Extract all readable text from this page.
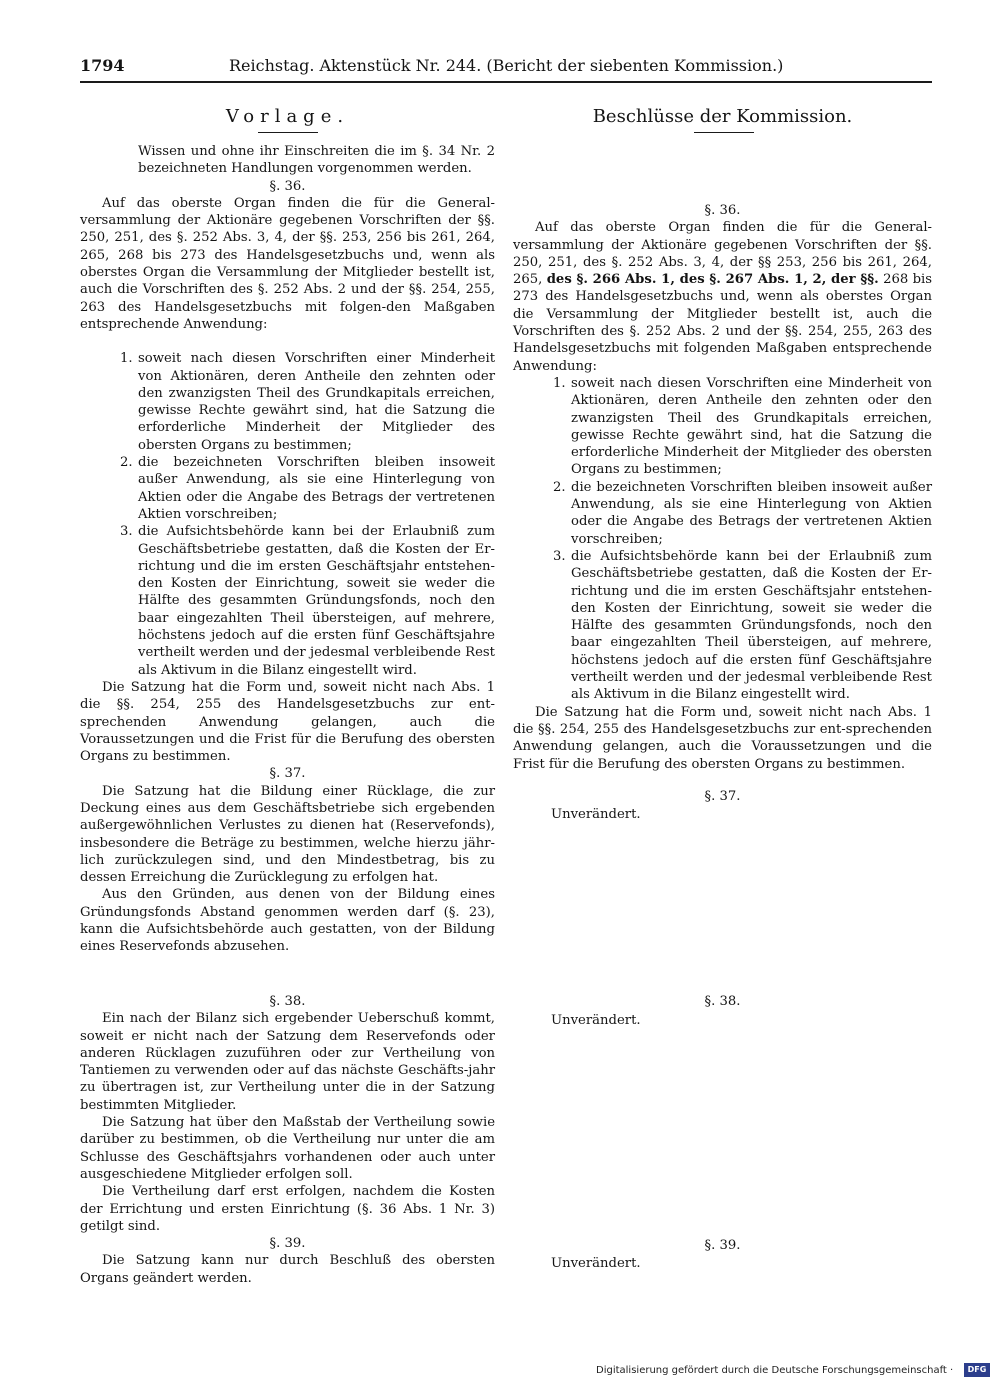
1794	Reichstag. Aktenstück Nr. 244. (Bericht der siebenten Kommission.)
Vorlage.	Beschlüsse der Kommission.

Wissen und ohne ihr Einschreiten die im §. 34 Nr. 2 bezeichneten Handlungen vorgenommen werden.

§. 36.

Auf das oberste Organ finden die für die General-versammlung der Aktionäre gegebenen Vorschriften der §§. 250, 251, des §. 252 Abs. 3, 4, der §§. 253, 256 bis 261, 264, 265, 268 bis 273 des Handelsgesetzbuchs und, wenn als oberstes Organ die Versammlung der Mitglieder bestellt ist, auch die Vorschriften des §. 252 Abs. 2 und der §§. 254, 255, 263 des Handelsgesetzbuchs mit folgen-den Maßgaben entsprechende Anwendung:

1. soweit nach diesen Vorschriften einer Minderheit von Aktionären, deren Antheile den zehnten oder den zwanzigsten Theil des Grundkapitals erreichen, gewisse Rechte gewährt sind, hat die Satzung die erforderliche Minderheit der Mitglieder des obersten Organs zu bestimmen;
2. die bezeichneten Vorschriften bleiben insoweit außer Anwendung, als sie eine Hinterlegung von Aktien oder die Angabe des Betrags der vertretenen Aktien vorschreiben;
3. die Aufsichtsbehörde kann bei der Erlaubniß zum Geschäftsbetriebe gestatten, daß die Kosten der Er-richtung und die im ersten Geschäftsjahr entstehen-den Kosten der Einrichtung, soweit sie weder die Hälfte des gesammten Gründungsfonds, noch den baar eingezahlten Theil übersteigen, auf mehrere, höchstens jedoch auf die ersten fünf Geschäftsjahre vertheilt werden und der jedesmal verbleibende Rest als Aktivum in die Bilanz eingestellt wird.

Die Satzung hat die Form und, soweit nicht nach Abs. 1 die §§. 254, 255 des Handelsgesetzbuchs zur ent-sprechenden Anwendung gelangen, auch die Voraussetzungen und die Frist für die Berufung des obersten Organs zu bestimmen.

§. 37.

Die Satzung hat die Bildung einer Rücklage, die zur Deckung eines aus dem Geschäftsbetriebe sich ergebenden außergewöhnlichen Verlustes zu dienen hat (Reservefonds), insbesondere die Beträge zu bestimmen, welche hierzu jähr-lich zurückzulegen sind, und den Mindestbetrag, bis zu dessen Erreichung die Zurücklegung zu erfolgen hat.

Aus den Gründen, aus denen von der Bildung eines Gründungsfonds Abstand genommen werden darf (§. 23), kann die Aufsichtsbehörde auch gestatten, von der Bildung eines Reservefonds abzusehen.

§. 38.

Ein nach der Bilanz sich ergebender Ueberschuß kommt, soweit er nicht nach der Satzung dem Reservefonds oder anderen Rücklagen zuzuführen oder zur Vertheilung von Tantiemen zu verwenden oder auf das nächste Geschäfts-jahr zu übertragen ist, zur Vertheilung unter die in der Satzung bestimmten Mitglieder.

Die Satzung hat über den Maßstab der Vertheilung sowie darüber zu bestimmen, ob die Vertheilung nur unter die am Schlusse des Geschäftsjahrs vorhandenen oder auch unter ausgeschiedene Mitglieder erfolgen soll.

Die Vertheilung darf erst erfolgen, nachdem die Kosten der Errichtung und ersten Einrichtung (§. 36 Abs. 1 Nr. 3) getilgt sind.

§. 39.

Die Satzung kann nur durch Beschluß des obersten Organs geändert werden.

§. 36.

Auf das oberste Organ finden die für die General-versammlung der Aktionäre gegebenen Vorschriften der §§. 250, 251, des §. 252 Abs. 3, 4, der §§ 253, 256 bis 261, 264, 265, des §. 266 Abs. 1, des §. 267 Abs. 1, 2, der §§. 268 bis 273 des Handelsgesetzbuchs und, wenn als oberstes Organ die Versammlung der Mitglieder bestellt ist, auch die Vorschriften des §. 252 Abs. 2 und der §§. 254, 255, 263 des Handelsgesetzbuchs mit folgenden Maßgaben entsprechende Anwendung:

1. soweit nach diesen Vorschriften eine Minderheit von Aktionären, deren Antheile den zehnten oder den zwanzigsten Theil des Grundkapitals erreichen, gewisse Rechte gewährt sind, hat die Satzung die erforderliche Minderheit der Mitglieder des obersten Organs zu bestimmen;
2. die bezeichneten Vorschriften bleiben insoweit außer Anwendung, als sie eine Hinterlegung von Aktien oder die Angabe des Betrags der vertretenen Aktien vorschreiben;
3. die Aufsichtsbehörde kann bei der Erlaubniß zum Geschäftsbetriebe gestatten, daß die Kosten der Er-richtung und die im ersten Geschäftsjahr entstehen-den Kosten der Einrichtung, soweit sie weder die Hälfte des gesammten Gründungsfonds, noch den baar eingezahlten Theil übersteigen, auf mehrere, höchstens jedoch auf die ersten fünf Geschäftsjahre vertheilt werden und der jedesmal verbleibende Rest als Aktivum in die Bilanz eingestellt wird.

Die Satzung hat die Form und, soweit nicht nach Abs. 1 die §§. 254, 255 des Handelsgesetzbuchs zur ent-sprechenden Anwendung gelangen, auch die Voraussetzungen und die Frist für die Berufung des obersten Organs zu bestimmen.

§. 37.
Unverändert.
§. 38.
Unverändert.
§. 39.
Unverändert.
Digitalisierung gefördert durch die Deutsche Forschungsgemeinschaft ·	DFG
